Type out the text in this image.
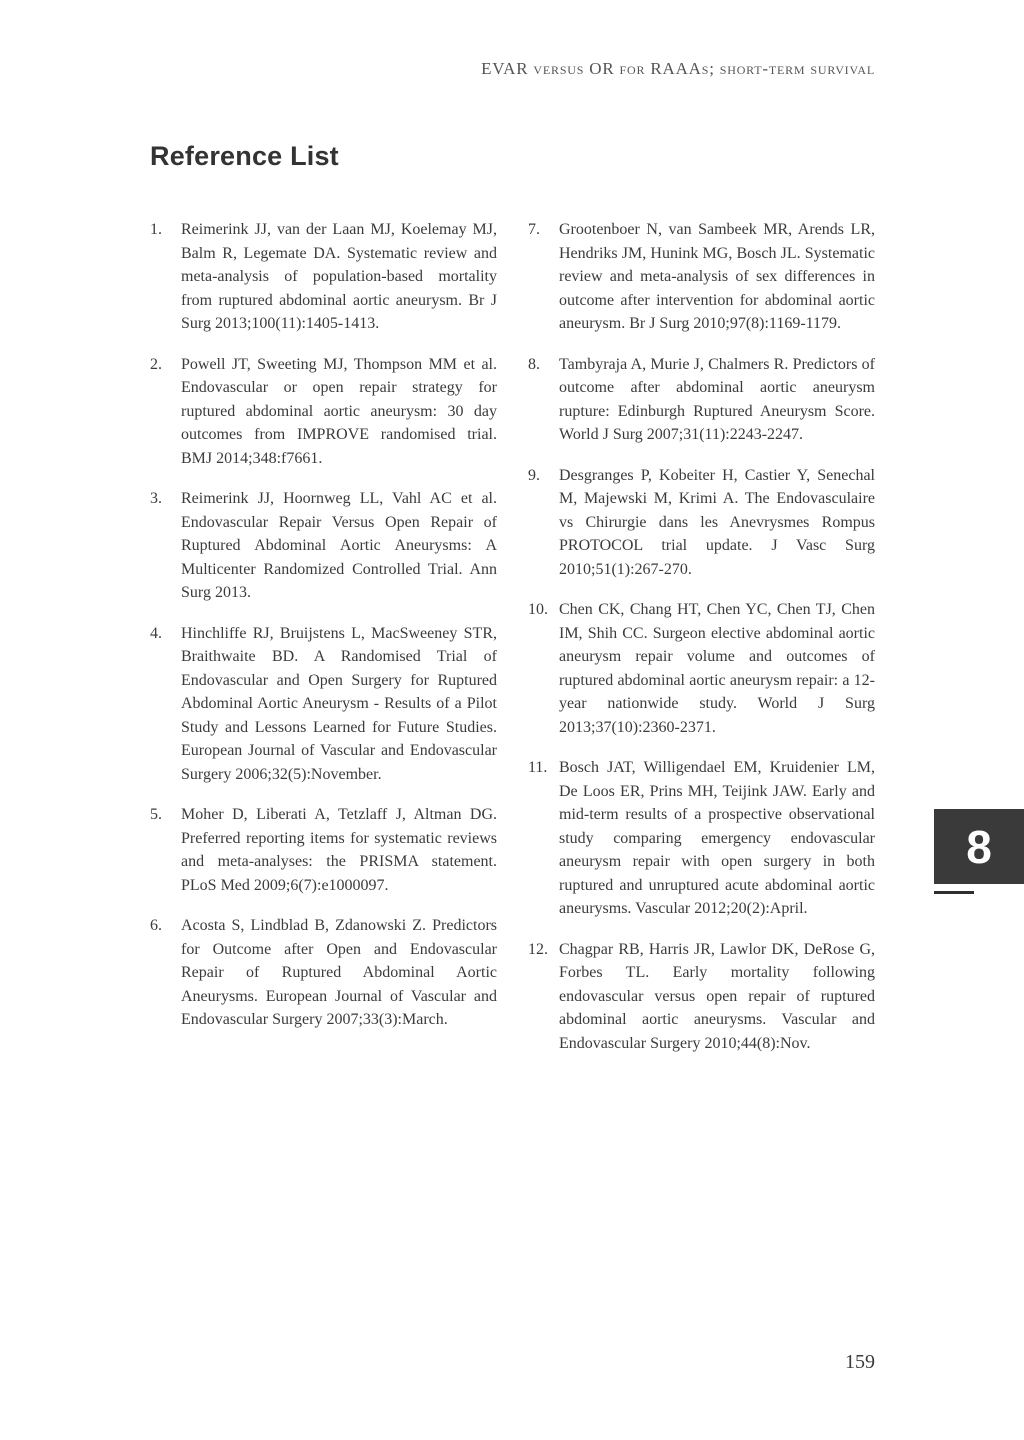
EVAR versus OR for RAAAs; short-term survival
Reference List
1.	Reimerink JJ, van der Laan MJ, Koelemay MJ, Balm R, Legemate DA. Systematic review and meta-analysis of population-based mortality from ruptured abdominal aortic aneurysm. Br J Surg 2013;100(11):1405-1413.
2.	Powell JT, Sweeting MJ, Thompson MM et al. Endovascular or open repair strategy for ruptured abdominal aortic aneurysm: 30 day outcomes from IMPROVE randomised trial. BMJ 2014;348:f7661.
3.	Reimerink JJ, Hoornweg LL, Vahl AC et al. Endovascular Repair Versus Open Repair of Ruptured Abdominal Aortic Aneurysms: A Multicenter Randomized Controlled Trial. Ann Surg 2013.
4.	Hinchliffe RJ, Bruijstens L, MacSweeney STR, Braithwaite BD. A Randomised Trial of Endovascular and Open Surgery for Ruptured Abdominal Aortic Aneurysm - Results of a Pilot Study and Lessons Learned for Future Studies. European Journal of Vascular and Endovascular Surgery 2006;32(5):November.
5.	Moher D, Liberati A, Tetzlaff J, Altman DG. Preferred reporting items for systematic reviews and meta-analyses: the PRISMA statement. PLoS Med 2009;6(7):e1000097.
6.	Acosta S, Lindblad B, Zdanowski Z. Predictors for Outcome after Open and Endovascular Repair of Ruptured Abdominal Aortic Aneurysms. European Journal of Vascular and Endovascular Surgery 2007;33(3):March.
7.	Grootenboer N, van Sambeek MR, Arends LR, Hendriks JM, Hunink MG, Bosch JL. Systematic review and meta-analysis of sex differences in outcome after intervention for abdominal aortic aneurysm. Br J Surg 2010;97(8):1169-1179.
8.	Tambyraja A, Murie J, Chalmers R. Predictors of outcome after abdominal aortic aneurysm rupture: Edinburgh Ruptured Aneurysm Score. World J Surg 2007;31(11):2243-2247.
9.	Desgranges P, Kobeiter H, Castier Y, Senechal M, Majewski M, Krimi A. The Endovasculaire vs Chirurgie dans les Anevrysmes Rompus PROTOCOL trial update. J Vasc Surg 2010;51(1):267-270.
10. Chen CK, Chang HT, Chen YC, Chen TJ, Chen IM, Shih CC. Surgeon elective abdominal aortic aneurysm repair volume and outcomes of ruptured abdominal aortic aneurysm repair: a 12-year nationwide study. World J Surg 2013;37(10):2360-2371.
11. Bosch JAT, Willigendael EM, Kruidenier LM, De Loos ER, Prins MH, Teijink JAW. Early and mid-term results of a prospective observational study comparing emergency endovascular aneurysm repair with open surgery in both ruptured and unruptured acute abdominal aortic aneurysms. Vascular 2012;20(2):April.
12. Chagpar RB, Harris JR, Lawlor DK, DeRose G, Forbes TL. Early mortality following endovascular versus open repair of ruptured abdominal aortic aneurysms. Vascular and Endovascular Surgery 2010;44(8):Nov.
8
159
